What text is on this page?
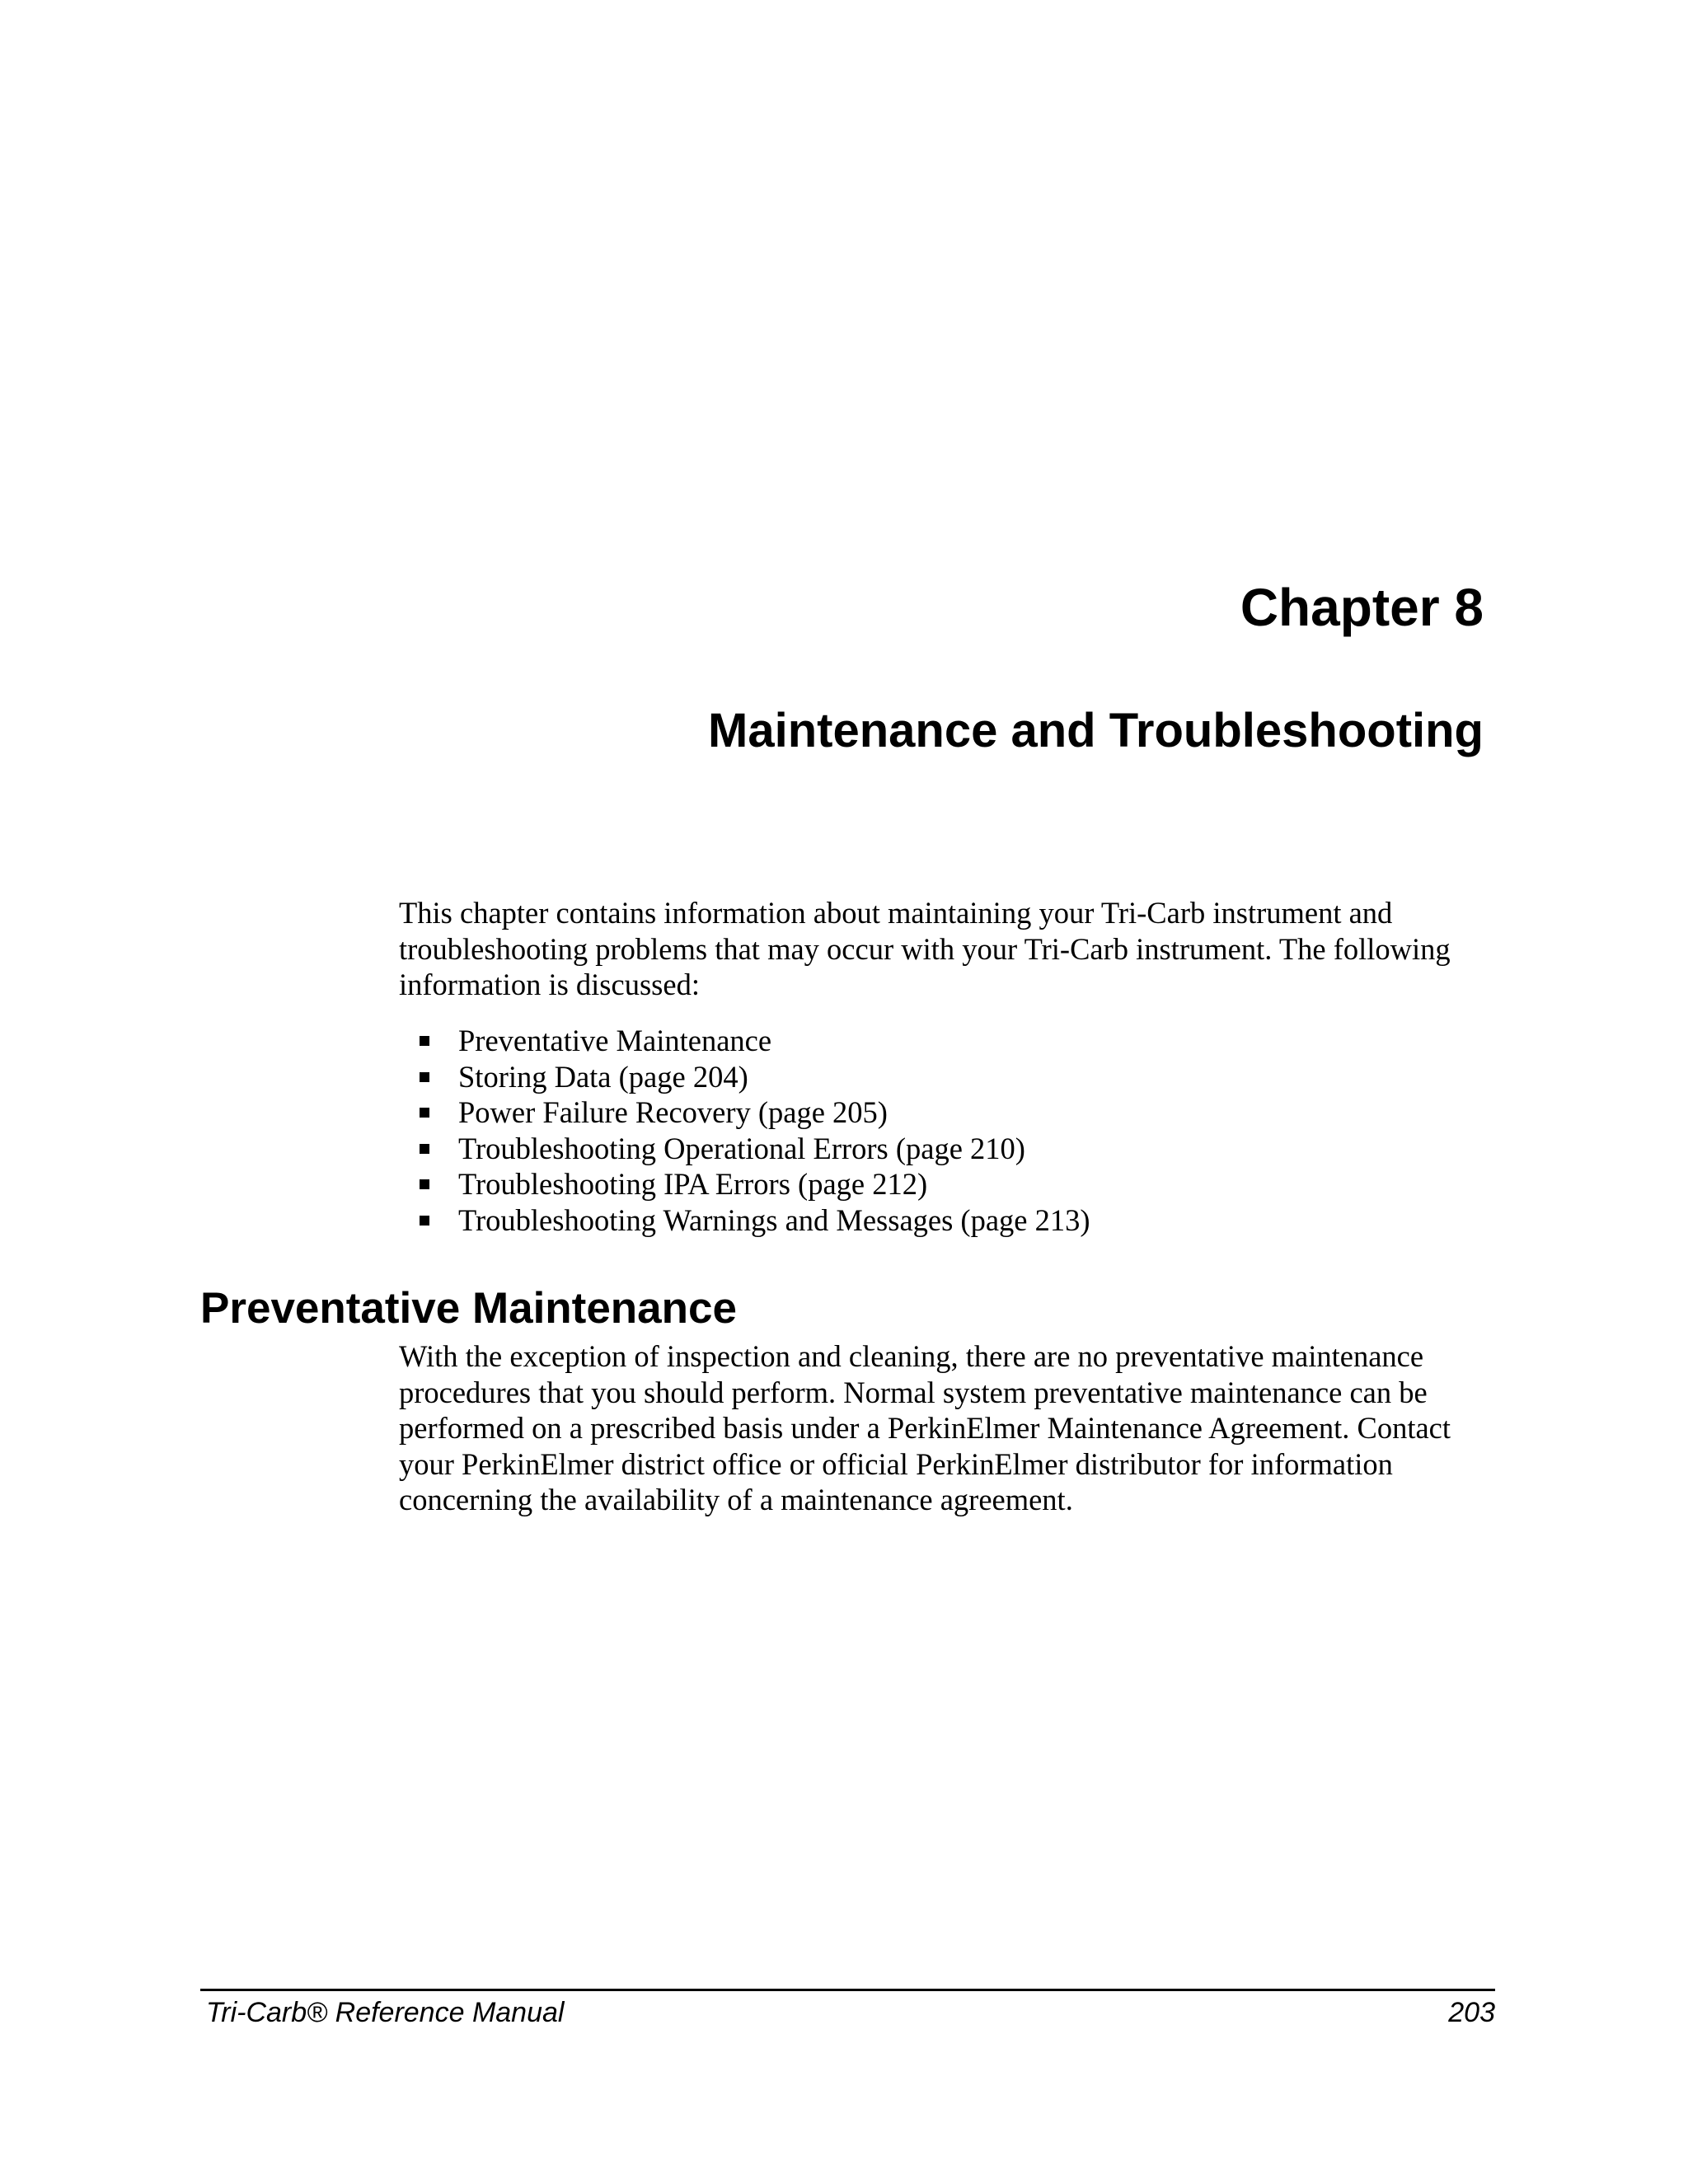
Chapter 8
Maintenance and Troubleshooting

This chapter contains information about maintaining your Tri-Carb instrument and troubleshooting problems that may occur with your Tri-Carb instrument. The following information is discussed:

Preventative Maintenance
Storing Data (page 204)
Power Failure Recovery (page 205)
Troubleshooting Operational Errors (page 210)
Troubleshooting IPA Errors (page 212)
Troubleshooting Warnings and Messages (page 213)
Preventative Maintenance

With the exception of inspection and cleaning, there are no preventative maintenance procedures that you should perform. Normal system preventative maintenance can be performed on a prescribed basis under a PerkinElmer Maintenance Agreement. Contact your PerkinElmer district office or official PerkinElmer distributor for information concerning the availability of a maintenance agreement.

Tri-Carb® Reference Manual	203
